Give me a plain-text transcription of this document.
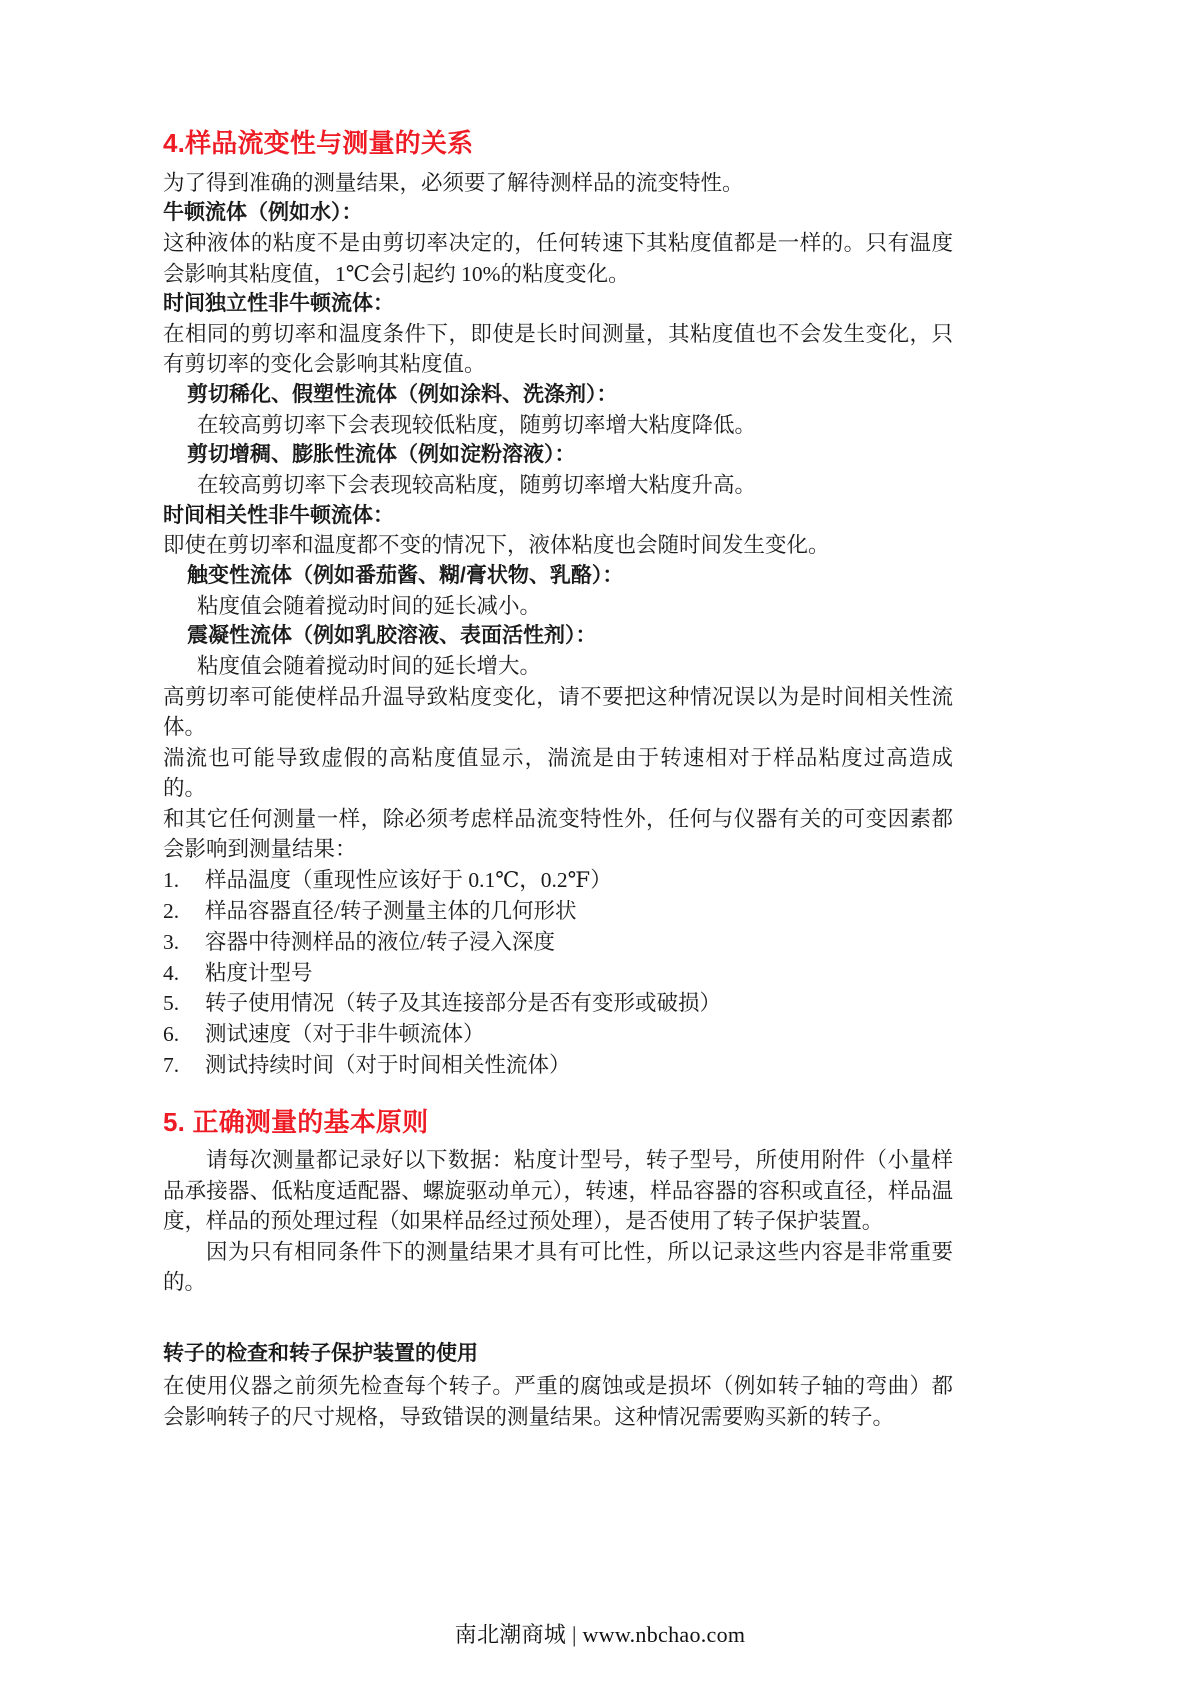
4.样品流变性与测量的关系

为了得到准确的测量结果，必须要了解待测样品的流变特性。

牛顿流体（例如水）：

这种液体的粘度不是由剪切率决定的，任何转速下其粘度值都是一样的。只有温度会影响其粘度值，1℃会引起约 10%的粘度变化。

时间独立性非牛顿流体：

在相同的剪切率和温度条件下，即使是长时间测量，其粘度值也不会发生变化，只有剪切率的变化会影响其粘度值。

剪切稀化、假塑性流体（例如涂料、洗涤剂）：

在较高剪切率下会表现较低粘度，随剪切率增大粘度降低。

剪切增稠、膨胀性流体（例如淀粉溶液）：

在较高剪切率下会表现较高粘度，随剪切率增大粘度升高。

时间相关性非牛顿流体：

即使在剪切率和温度都不变的情况下，液体粘度也会随时间发生变化。

触变性流体（例如番茄酱、糊/膏状物、乳酪）：

粘度值会随着搅动时间的延长减小。

震凝性流体（例如乳胶溶液、表面活性剂）：

粘度值会随着搅动时间的延长增大。

高剪切率可能使样品升温导致粘度变化，请不要把这种情况误以为是时间相关性流体。

湍流也可能导致虚假的高粘度值显示，湍流是由于转速相对于样品粘度过高造成的。

和其它任何测量一样，除必须考虑样品流变特性外，任何与仪器有关的可变因素都会影响到测量结果：

1.	样品温度（重现性应该好于 0.1℃，0.2℉）
2.	样品容器直径/转子测量主体的几何形状
3.	容器中待测样品的液位/转子浸入深度
4.	粘度计型号
5.	转子使用情况（转子及其连接部分是否有变形或破损）
6.	测试速度（对于非牛顿流体）
7.	测试持续时间（对于时间相关性流体）
5. 正确测量的基本原则

请每次测量都记录好以下数据：粘度计型号，转子型号，所使用附件（小量样品承接器、低粘度适配器、螺旋驱动单元），转速，样品容器的容积或直径，样品温度，样品的预处理过程（如果样品经过预处理），是否使用了转子保护装置。

因为只有相同条件下的测量结果才具有可比性，所以记录这些内容是非常重要的。

转子的检查和转子保护装置的使用

在使用仪器之前须先检查每个转子。严重的腐蚀或是损坏（例如转子轴的弯曲）都会影响转子的尺寸规格，导致错误的测量结果。这种情况需要购买新的转子。

南北潮商城 | www.nbchao.com
